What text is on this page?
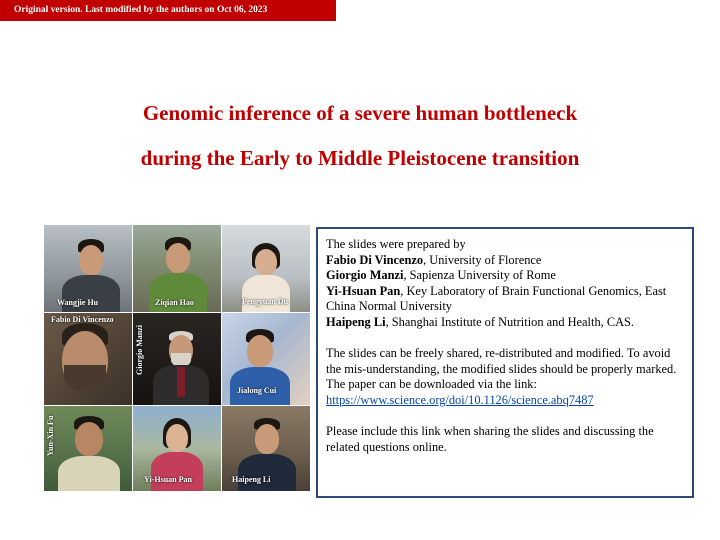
Original version. Last modified by the authors on Oct 06, 2023
Genomic inference of a severe human bottleneck
during the Early to Middle Pleistocene transition
Wangjie Hu	Ziqian Hao	Pengyuan Du
Fabio Di Vincenzo
Giorgio Manzi
Jialong Cui
Yun-Xin Fu
Yi-Hsuan Pan	Haipeng Li

The slides were prepared by

Fabio Di Vincenzo, University of Florence

Giorgio Manzi, Sapienza University of Rome

Yi-Hsuan Pan, Key Laboratory of Brain Functional Genomics, East China Normal University

Haipeng Li, Shanghai Institute of Nutrition and Health, CAS.

The slides can be freely shared, re-distributed and modified. To avoid the mis-understanding, the modified slides should be properly marked. The paper can be downloaded via the link: https://www.science.org/doi/10.1126/science.abq7487

Please include this link when sharing the slides and discussing the related questions online.
